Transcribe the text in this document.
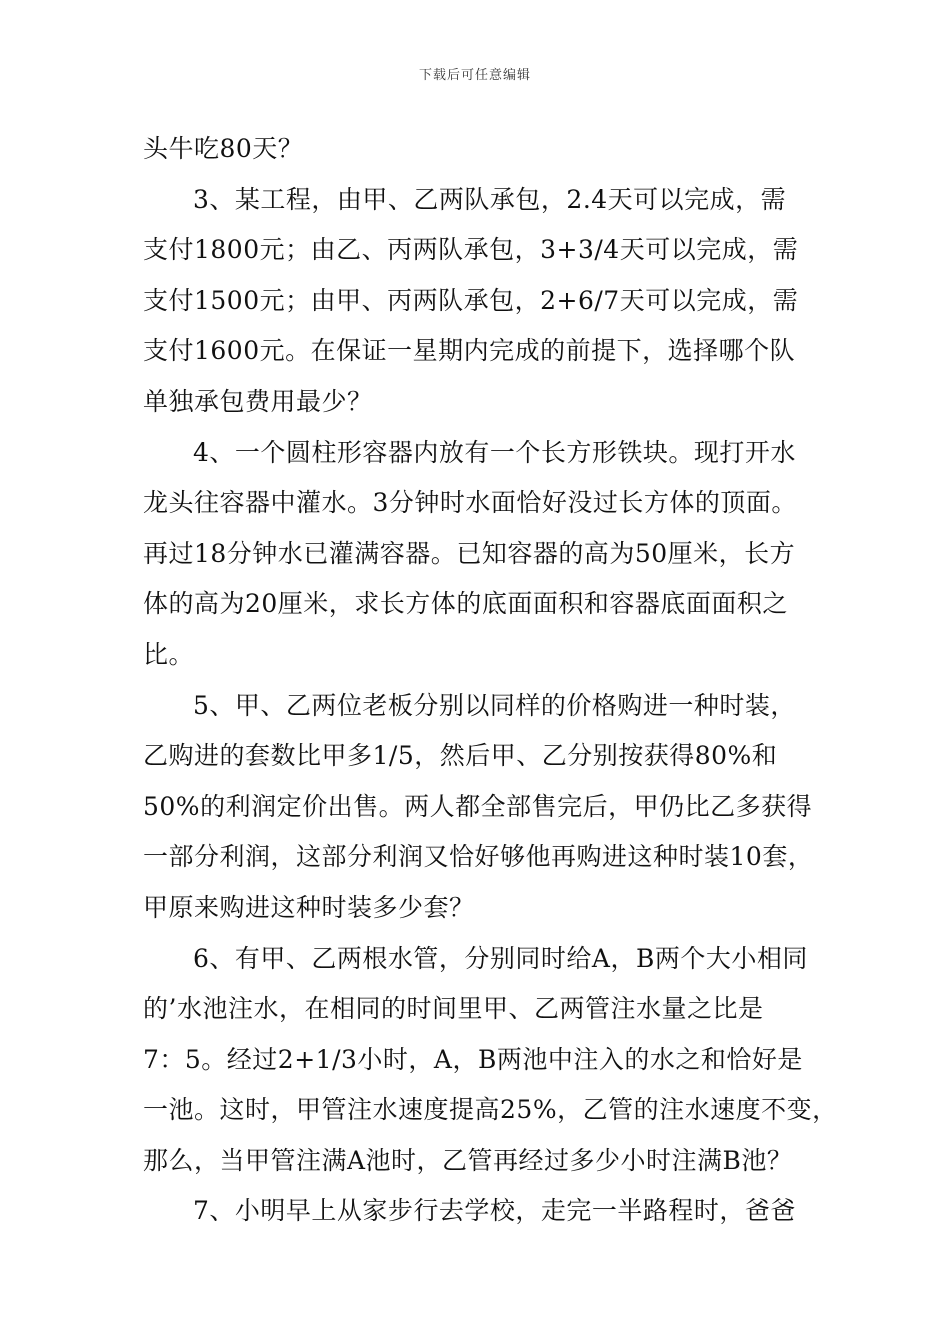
下载后可任意编辑
头牛吃80天？
3、某工程，由甲、乙两队承包，2.4天可以完成，需
支付1800元；由乙、丙两队承包，3+3/4天可以完成，需
支付1500元；由甲、丙两队承包，2+6/7天可以完成，需
支付1600元。在保证一星期内完成的前提下，选择哪个队
单独承包费用最少？
4、一个圆柱形容器内放有一个长方形铁块。现打开水
龙头往容器中灌水。3分钟时水面恰好没过长方体的顶面。
再过18分钟水已灌满容器。已知容器的高为50厘米，长方
体的高为20厘米，求长方体的底面面积和容器底面面积之
比。
5、甲、乙两位老板分别以同样的价格购进一种时装，
乙购进的套数比甲多1/5，然后甲、乙分别按获得80%和
50%的利润定价出售。两人都全部售完后，甲仍比乙多获得
一部分利润，这部分利润又恰好够他再购进这种时装10套，
甲原来购进这种时装多少套？
6、有甲、乙两根水管，分别同时给A，B两个大小相同
的’水池注水，在相同的时间里甲、乙两管注水量之比是
7：5。经过2+1/3小时，A，B两池中注入的水之和恰好是
一池。这时，甲管注水速度提高25%，乙管的注水速度不变，
那么，当甲管注满A池时，乙管再经过多少小时注满B池？
7、小明早上从家步行去学校，走完一半路程时，爸爸
